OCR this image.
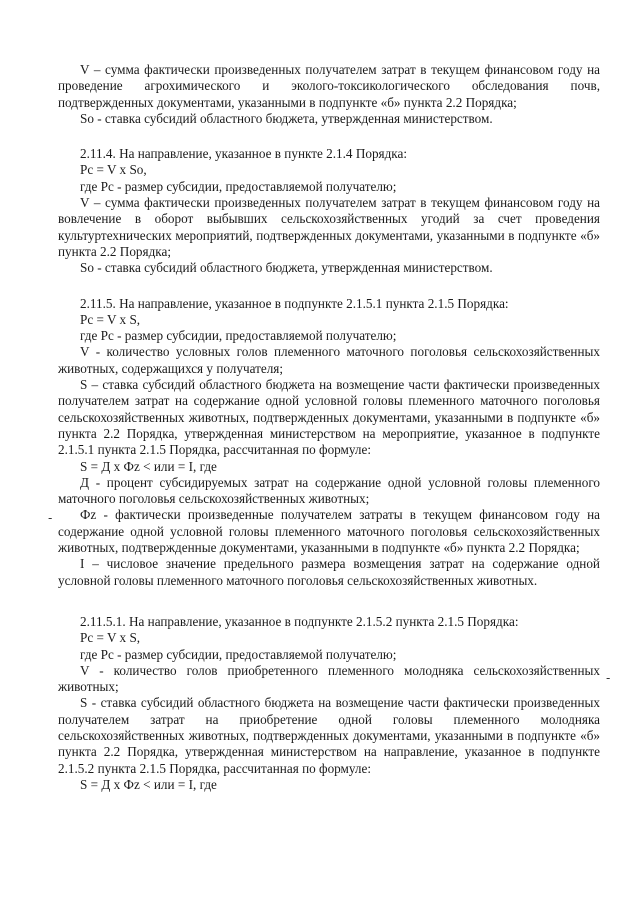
V – сумма фактически произведенных получателем затрат в текущем финансовом году на проведение агрохимического и эколого-токсикологического обследования почв, подтвержденных документами, указанными в подпункте «б» пункта 2.2 Порядка;

So - ставка субсидий областного бюджета, утвержденная министерством.

2.11.4. На направление, указанное в пункте 2.1.4 Порядка:

Pc = V x So,

где Pc - размер субсидии, предоставляемой получателю;

V – сумма фактически произведенных получателем затрат в текущем финансовом году на вовлечение в оборот выбывших сельскохозяйственных угодий за счет проведения культуртехнических мероприятий, подтвержденных документами, указанными в подпункте «б» пункта 2.2 Порядка;

So - ставка субсидий областного бюджета, утвержденная министерством.

2.11.5. На направление, указанное в подпункте 2.1.5.1 пункта 2.1.5 Порядка:

Pc = V x S,

где Pc - размер субсидии, предоставляемой получателю;

V - количество условных голов племенного маточного поголовья сельскохозяйственных животных, содержащихся у получателя;

S – ставка субсидий областного бюджета на возмещение части фактически произведенных получателем затрат на содержание одной условной головы племенного маточного поголовья сельскохозяйственных животных, подтвержденных документами, указанными в подпункте «б» пункта 2.2 Порядка, утвержденная министерством на мероприятие, указанное в подпункте 2.1.5.1 пункта 2.1.5 Порядка, рассчитанная по формуле:

S = Д x Фz < или = I, где

Д - процент субсидируемых затрат на содержание одной условной головы племенного маточного поголовья сельскохозяйственных животных;

Фz - фактически произведенные получателем затраты в текущем финансовом году на содержание одной условной головы племенного маточного поголовья сельскохозяйственных животных, подтвержденные документами, указанными в подпункте «б» пункта 2.2 Порядка;

I – числовое значение предельного размера возмещения затрат на содержание одной условной головы племенного маточного поголовья сельскохозяйственных животных.

2.11.5.1. На направление, указанное в подпункте 2.1.5.2 пункта 2.1.5 Порядка:

Pc = V x S,

где Pc - размер субсидии, предоставляемой получателю;

V - количество голов приобретенного племенного молодняка сельскохозяйственных животных;

S - ставка субсидий областного бюджета на возмещение части фактически произведенных получателем затрат на приобретение одной головы племенного молодняка сельскохозяйственных животных, подтвержденных документами, указанными в подпункте «б» пункта 2.2 Порядка, утвержденная министерством на направление, указанное в подпункте 2.1.5.2 пункта 2.1.5 Порядка, рассчитанная по формуле:

S = Д x Фz < или = I, где

-
-
